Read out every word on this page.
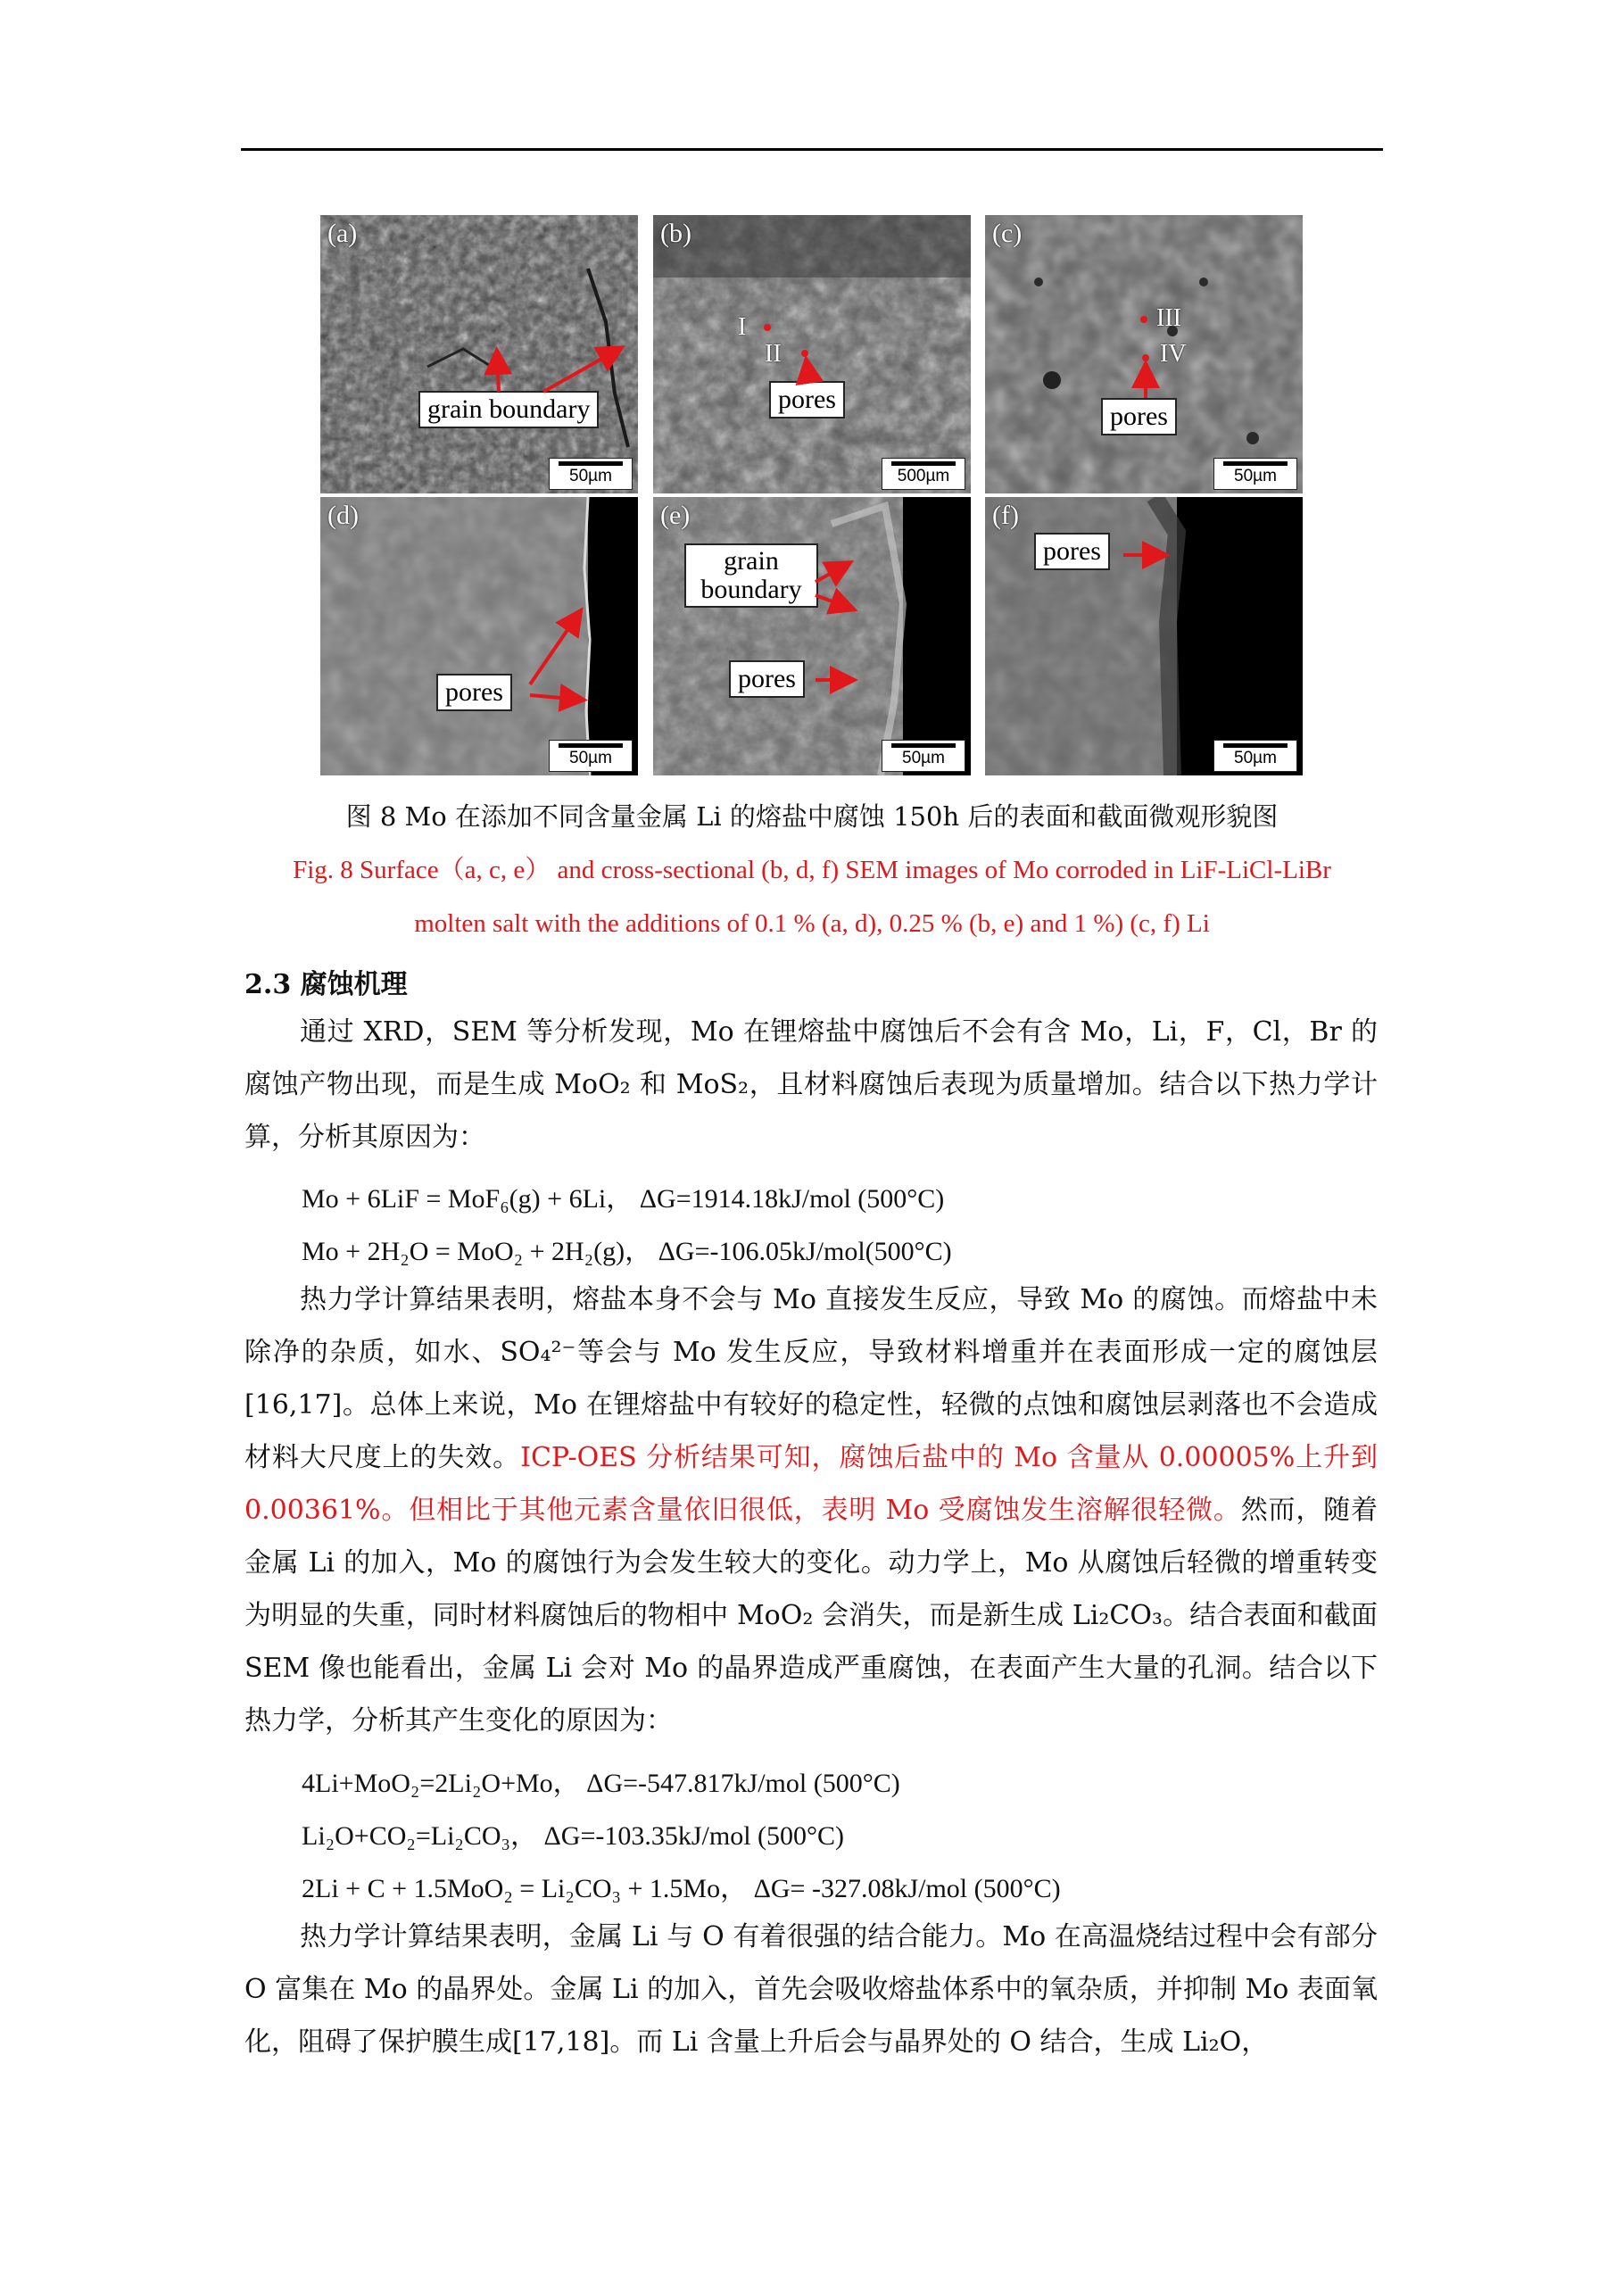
(a)
grain boundary
50µm
(b)
I
II
pores
500µm
(c)
III
IV
pores
50µm
(d)
pores
50µm
(e)
grain boundary
pores
50µm
(f)
pores
50µm
图 8 Mo 在添加不同含量金属 Li 的熔盐中腐蚀 150h 后的表面和截面微观形貌图
Fig. 8 Surface（a, c, e） and cross-sectional (b, d, f) SEM images of Mo corroded in LiF-LiCl-LiBr
molten salt with the additions of 0.1 % (a, d), 0.25 % (b, e) and 1 %) (c, f) Li
2.3 腐蚀机理

通过 XRD，SEM 等分析发现，Mo 在锂熔盐中腐蚀后不会有含 Mo，Li，F，Cl，Br 的腐蚀产物出现，而是生成 MoO₂ 和 MoS₂，且材料腐蚀后表现为质量增加。结合以下热力学计算，分析其原因为：

Mo + 6LiF = MoF₆(g) + 6Li， ΔG=1914.18kJ/mol (500°C)
Mo + 2H₂O = MoO₂ + 2H₂(g)， ΔG=-106.05kJ/mol(500°C)

热力学计算结果表明，熔盐本身不会与 Mo 直接发生反应，导致 Mo 的腐蚀。而熔盐中未除净的杂质，如水、SO₄²⁻等会与 Mo 发生反应，导致材料增重并在表面形成一定的腐蚀层 [16,17]。总体上来说，Mo 在锂熔盐中有较好的稳定性，轻微的点蚀和腐蚀层剥落也不会造成材料大尺度上的失效。ICP-OES 分析结果可知，腐蚀后盐中的 Mo 含量从 0.00005%上升到 0.00361%。但相比于其他元素含量依旧很低，表明 Mo 受腐蚀发生溶解很轻微。然而，随着金属 Li 的加入，Mo 的腐蚀行为会发生较大的变化。动力学上，Mo 从腐蚀后轻微的增重转变为明显的失重，同时材料腐蚀后的物相中 MoO₂ 会消失，而是新生成 Li₂CO₃。结合表面和截面 SEM 像也能看出，金属 Li 会对 Mo 的晶界造成严重腐蚀，在表面产生大量的孔洞。结合以下热力学，分析其产生变化的原因为：

4Li+MoO₂=2Li₂O+Mo， ΔG=-547.817kJ/mol (500°C)
Li₂O+CO₂=Li₂CO₃， ΔG=-103.35kJ/mol (500°C)
2Li + C + 1.5MoO₂ = Li₂CO₃ + 1.5Mo， ΔG= -327.08kJ/mol (500°C)

热力学计算结果表明，金属 Li 与 O 有着很强的结合能力。Mo 在高温烧结过程中会有部分 O 富集在 Mo 的晶界处。金属 Li 的加入，首先会吸收熔盐体系中的氧杂质，并抑制 Mo 表面氧化，阻碍了保护膜生成[17,18]。而 Li 含量上升后会与晶界处的 O 结合，生成 Li₂O，
